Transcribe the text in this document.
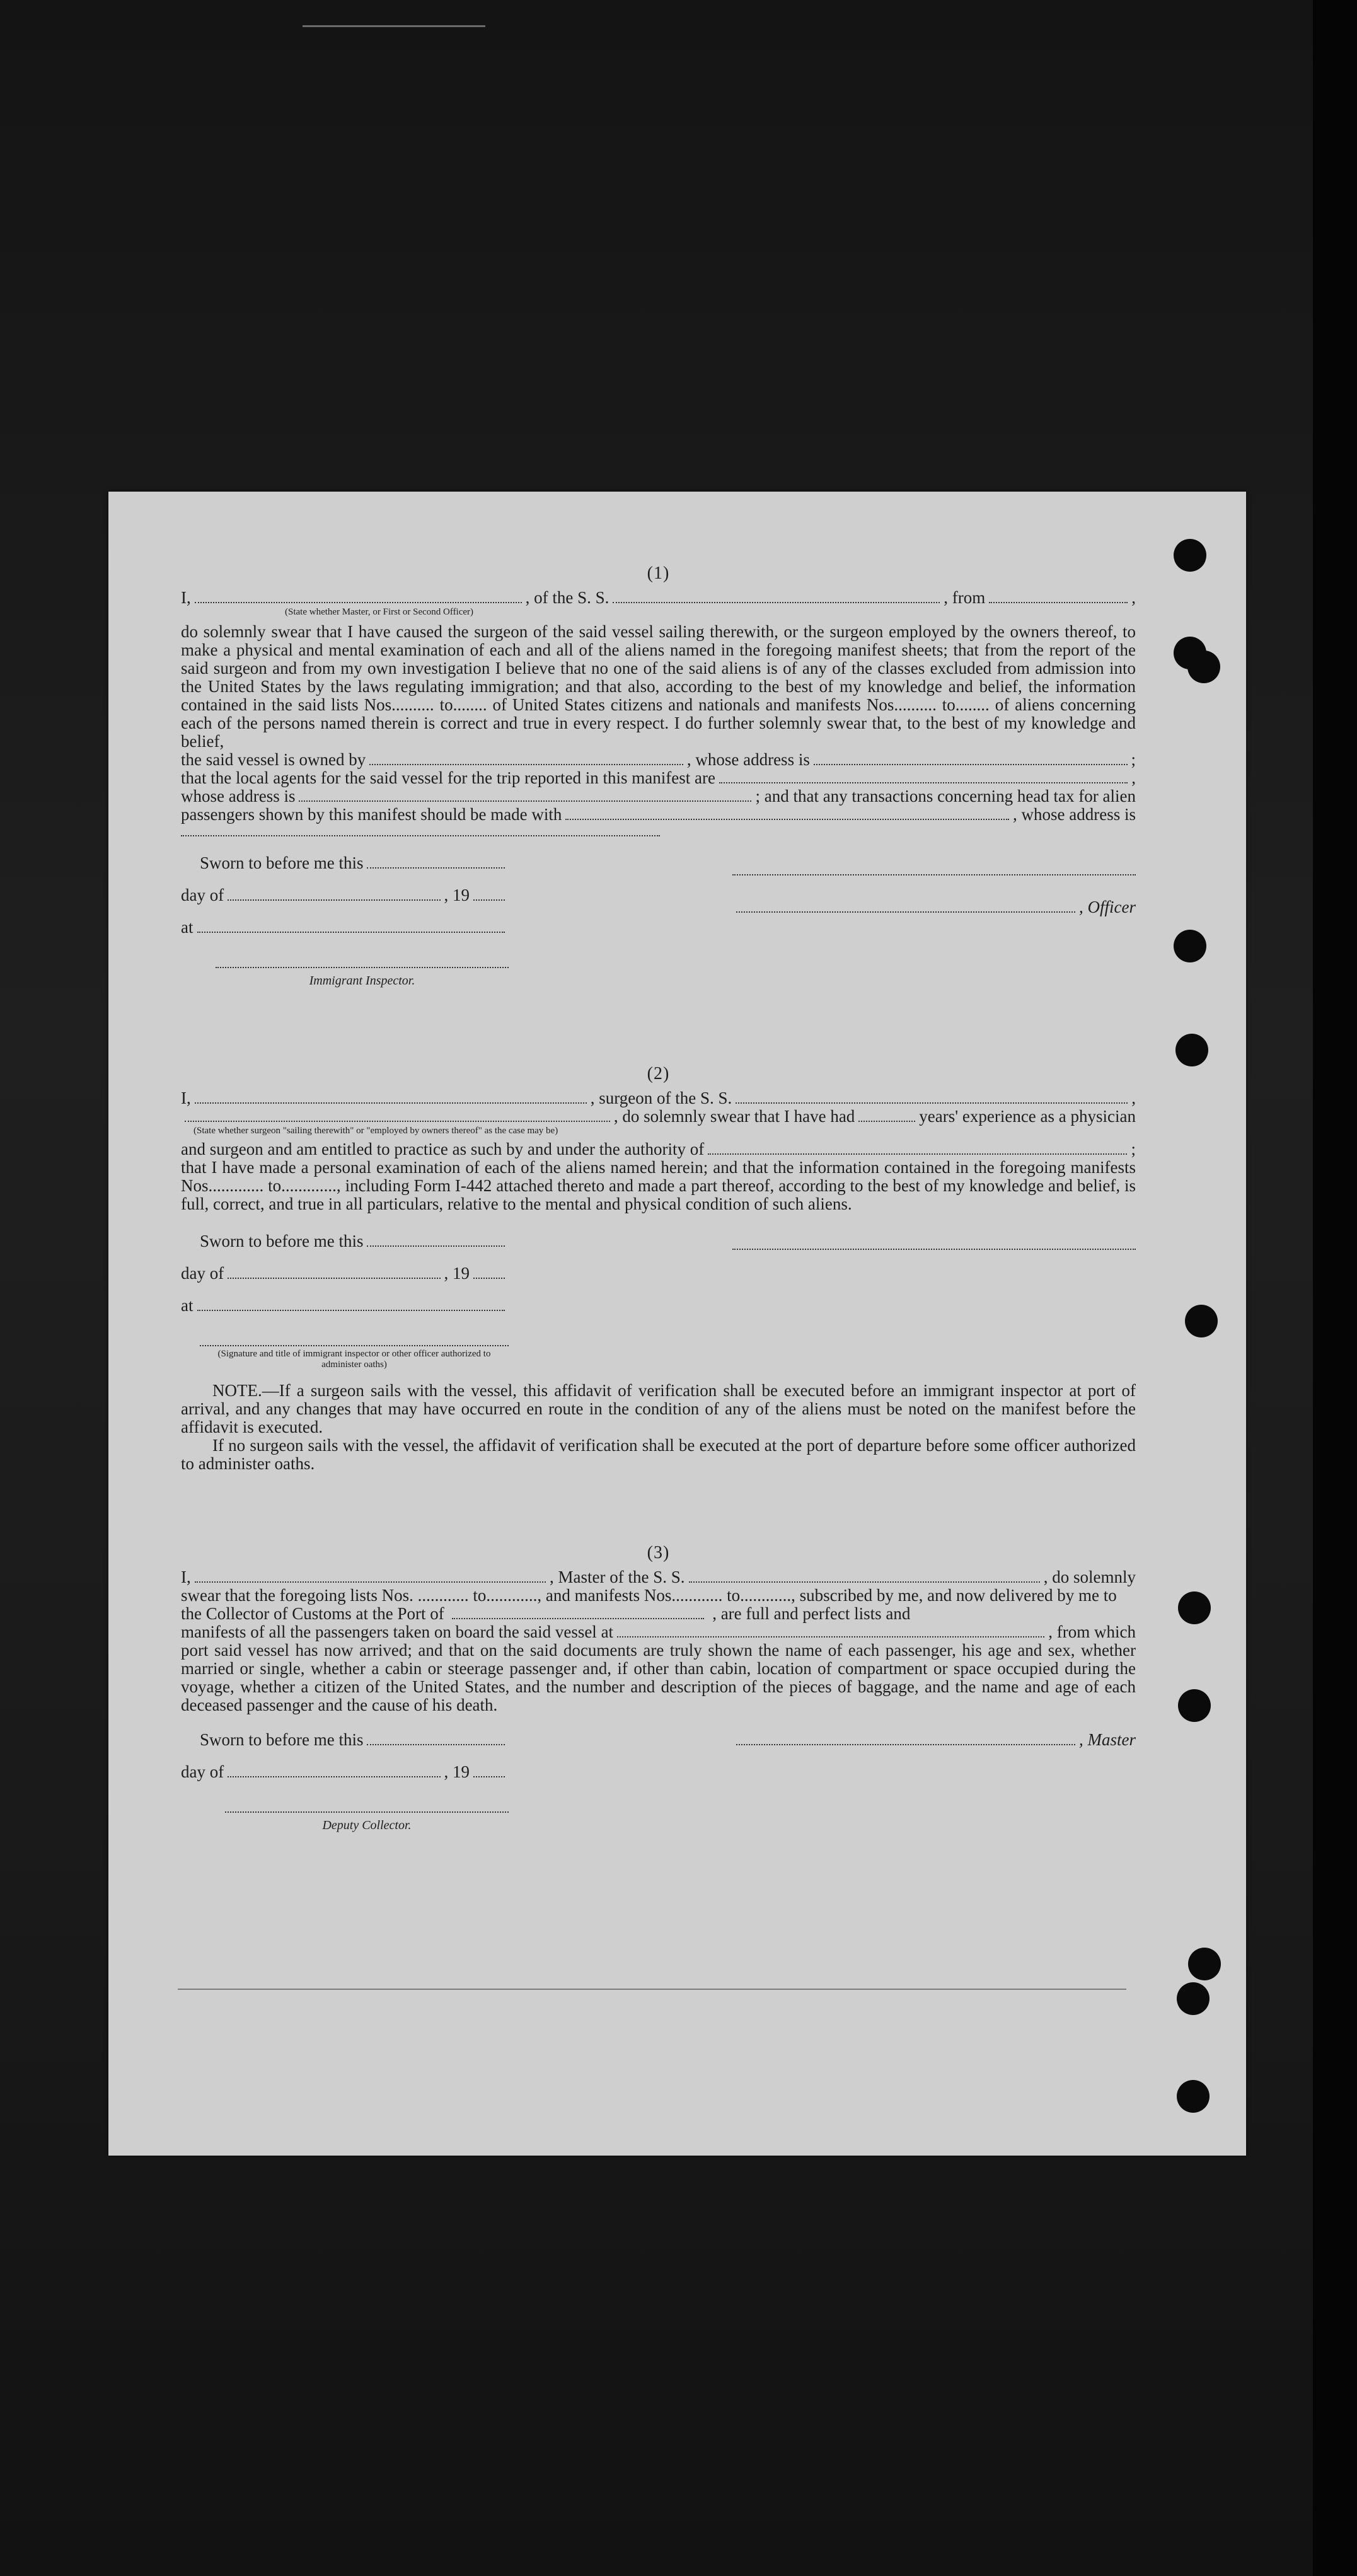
(1)
I,	, of the S. S.	, from	,
(State whether Master, or First or Second Officer)
do solemnly swear that I have caused the surgeon of the said vessel sailing therewith, or the surgeon employed by the owners thereof, to make a physical and mental examination of each and all of the aliens named in the foregoing manifest sheets; that from the report of the said surgeon and from my own investigation I believe that no one of the said aliens is of any of the classes excluded from admission into the United States by the laws regulating immigration; and that also, according to the best of my knowledge and belief, the information contained in the said lists Nos.......... to........ of United States citizens and nationals and manifests Nos.......... to........ of aliens concerning each of the persons named therein is correct and true in every respect. I do further solemnly swear that, to the best of my knowledge and belief,
the said vessel is owned by	, whose address is	;
that the local agents for the said vessel for the trip reported in this manifest are	,
whose address is	; and that any transactions concerning head tax for alien
passengers shown by this manifest should be made with	, whose address is
Sworn to before me this
day of	, 19
at
Immigrant Inspector.
, Officer
(2)
I,	, surgeon of the S. S.	,
, do solemnly swear that I have had	years' experience as a physician
(State whether surgeon "sailing therewith" or "employed by owners thereof" as the case may be)
and surgeon and am entitled to practice as such by and under the authority of	;
that I have made a personal examination of each of the aliens named herein; and that the information contained in the foregoing manifests Nos............. to............., including Form I-442 attached thereto and made a part thereof, according to the best of my knowledge and belief, is full, correct, and true in all particulars, relative to the mental and physical condition of such aliens.
Sworn to before me this
day of	, 19
at
(Signature and title of immigrant inspector or other officer authorized to administer oaths)
NOTE.—If a surgeon sails with the vessel, this affidavit of verification shall be executed before an immigrant inspector at port of arrival, and any changes that may have occurred en route in the condition of any of the aliens must be noted on the manifest before the affidavit is executed.
If no surgeon sails with the vessel, the affidavit of verification shall be executed at the port of departure before some officer authorized to administer oaths.
(3)
I,	, Master of the S. S.	, do solemnly
swear that the foregoing lists Nos. ............ to............, and manifests Nos............ to............, subscribed by me, and now delivered by me to the Collector of Customs at the Port of	, are full and perfect lists and
manifests of all the passengers taken on board the said vessel at	, from which
port said vessel has now arrived; and that on the said documents are truly shown the name of each passenger, his age and sex, whether married or single, whether a cabin or steerage passenger and, if other than cabin, location of compartment or space occupied during the voyage, whether a citizen of the United States, and the number and description of the pieces of baggage, and the name and age of each deceased passenger and the cause of his death.
Sworn to before me this
day of	, 19
Deputy Collector.
, Master
